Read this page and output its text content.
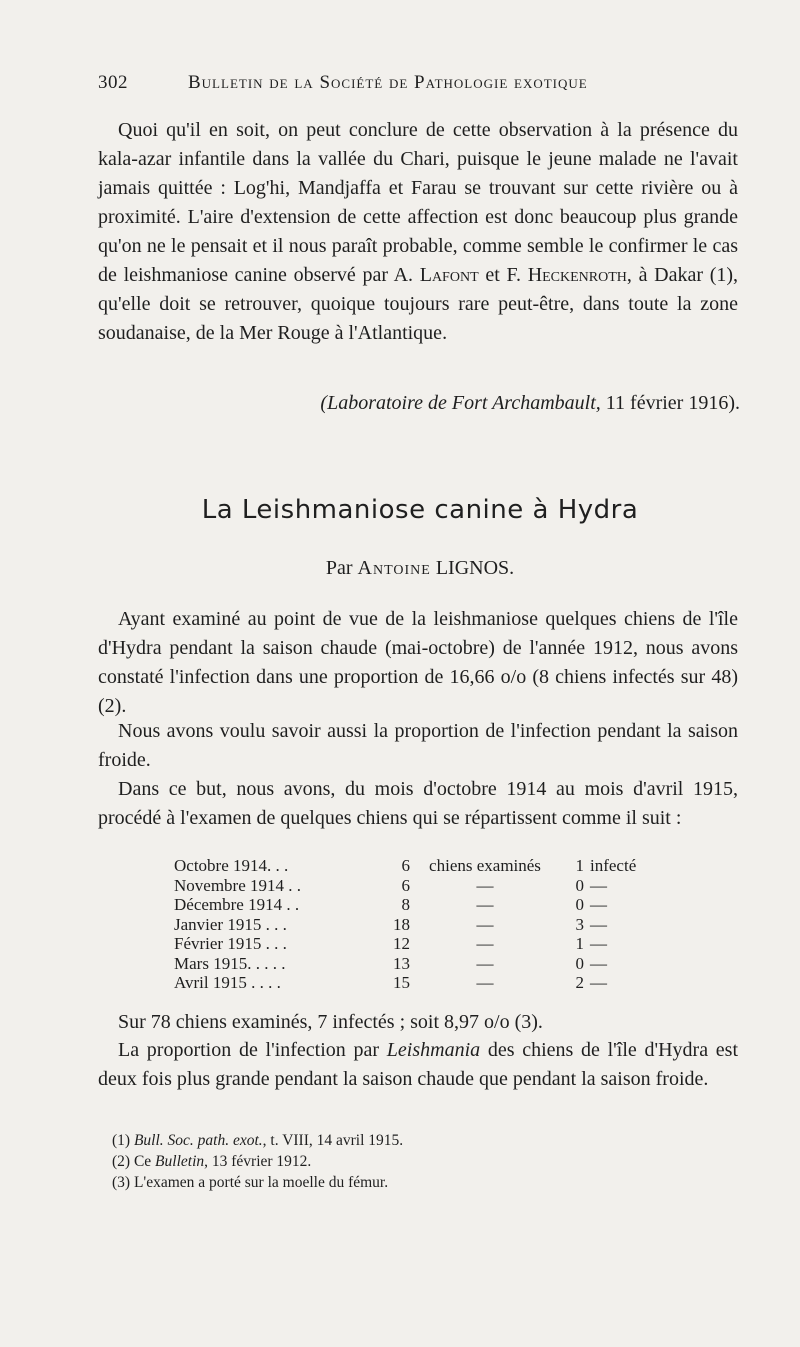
302	Bulletin de la Société de Pathologie exotique

Quoi qu'il en soit, on peut conclure de cette observation à la présence du kala-azar infantile dans la vallée du Chari, puisque le jeune malade ne l'avait jamais quittée : Log'hi, Mandjaffa et Farau se trouvant sur cette rivière ou à proximité. L'aire d'extension de cette affection est donc beaucoup plus grande qu'on ne le pensait et il nous paraît probable, comme semble le confirmer le cas de leishmaniose canine observé par A. Lafont et F. Heckenroth, à Dakar (1), qu'elle doit se retrouver, quoique toujours rare peut-être, dans toute la zone soudanaise, de la Mer Rouge à l'Atlantique.

(Laboratoire de Fort Archambault, 11 février 1916).
La Leishmaniose canine à Hydra
Par Antoine LIGNOS.

Ayant examiné au point de vue de la leishmaniose quelques chiens de l'île d'Hydra pendant la saison chaude (mai-octobre) de l'année 1912, nous avons constaté l'infection dans une proportion de 16,66 o/o (8 chiens infectés sur 48) (2).

Nous avons voulu savoir aussi la proportion de l'infection pendant la saison froide.

Dans ce but, nous avons, du mois d'octobre 1914 au mois d'avril 1915, procédé à l'examen de quelques chiens qui se répartissent comme il suit :

Octobre 1914. . .	6	chiens examinés	1	infecté
Novembre 1914 . .	6	—	0	—
Décembre 1914 . .	8	—	0	—
Janvier 1915 . . .	18	—	3	—
Février 1915 . . .	12	—	1	—
Mars 1915. . . . .	13	—	0	—
Avril 1915 . . . .	15	—	2	—

Sur 78 chiens examinés, 7 infectés ; soit 8,97 o/o (3).

La proportion de l'infection par Leishmania des chiens de l'île d'Hydra est deux fois plus grande pendant la saison chaude que pendant la saison froide.

(1) Bull. Soc. path. exot., t. VIII, 14 avril 1915.

(2) Ce Bulletin, 13 février 1912.

(3) L'examen a porté sur la moelle du fémur.
